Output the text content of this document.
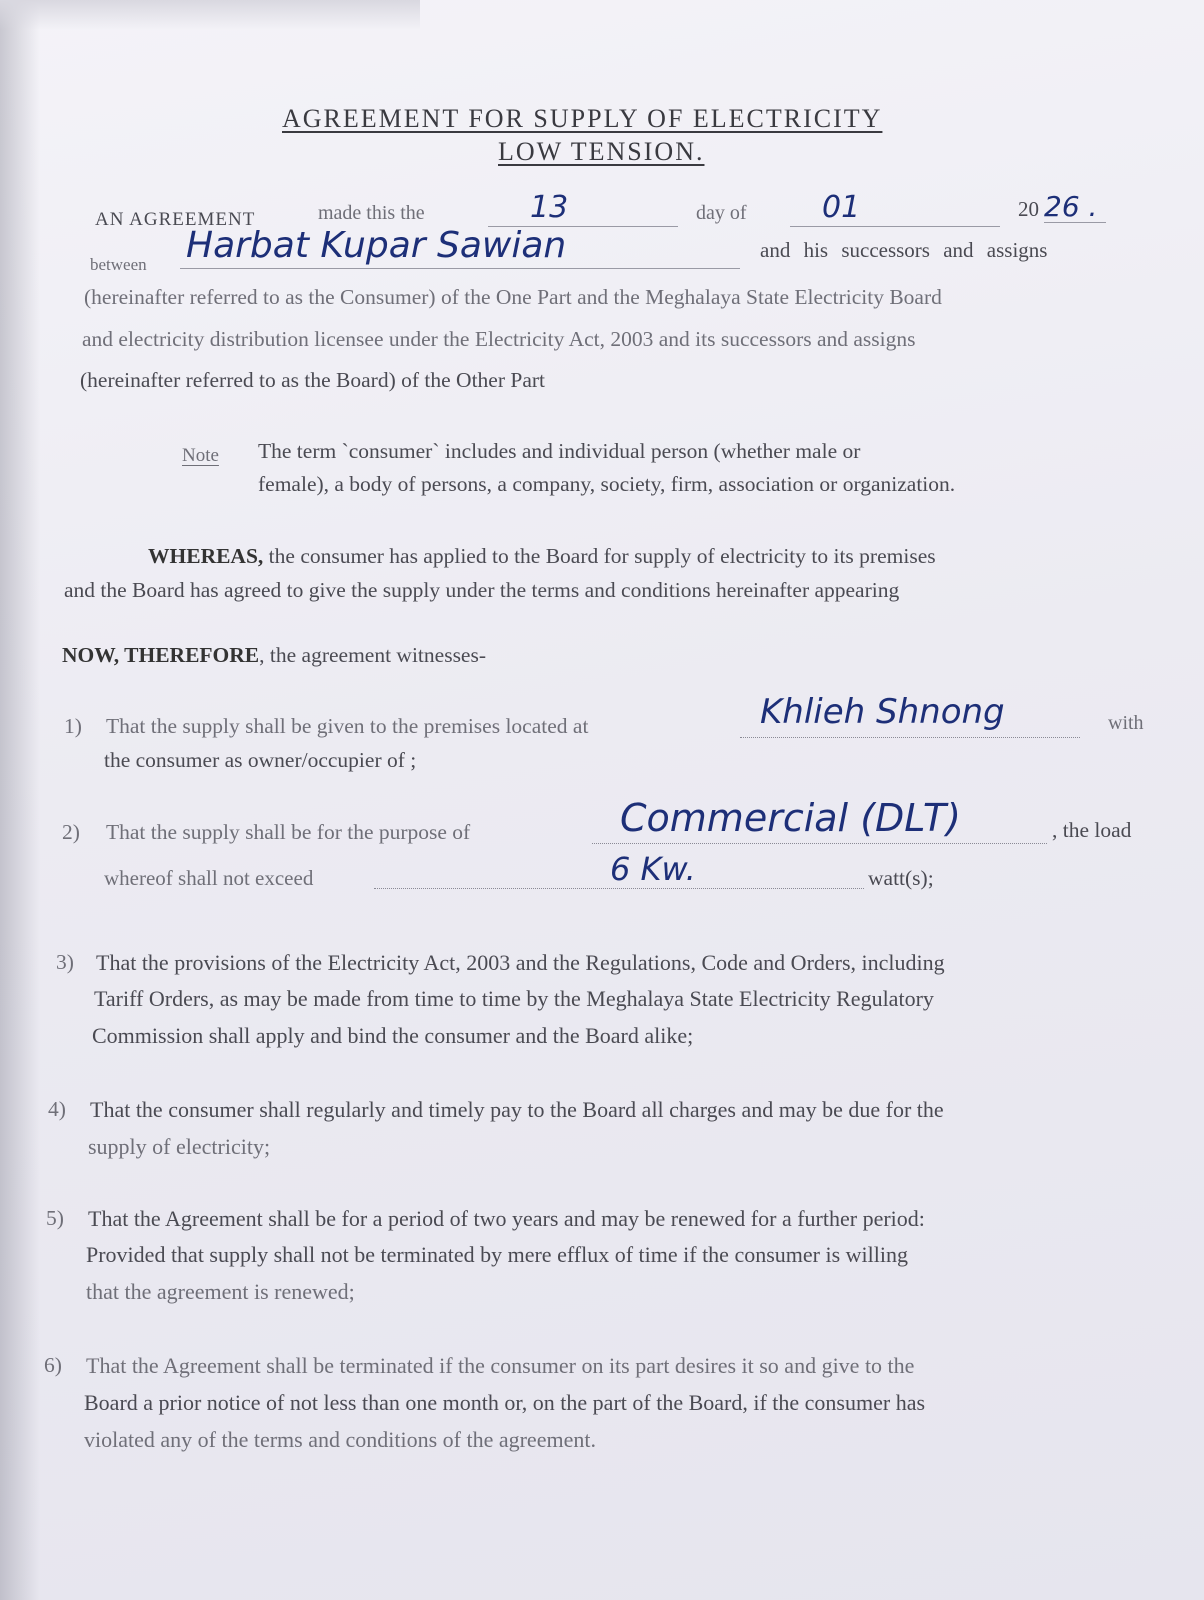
AGREEMENT FOR SUPPLY OF ELECTRICITY
LOW TENSION.
AN AGREEMENT	made this the	13	day of	01	20 26 .
between Harbat Kupar Sawian	and his successors and assigns
(hereinafter referred to as the Consumer) of the One Part and the Meghalaya State Electricity Board
and electricity distribution licensee under the Electricity Act, 2003 and its successors and assigns
(hereinafter referred to as the Board) of the Other Part
Note The term `consumer` includes and individual person (whether male or
female), a body of persons, a company, society, firm, association or organization.
WHEREAS, the consumer has applied to the Board for supply of electricity to its premises
and the Board has agreed to give the supply under the terms and conditions hereinafter appearing
NOW, THEREFORE, the agreement witnesses-
1) That the supply shall be given to the premises located at	Khlieh Shnong	with
the consumer as owner/occupier of ;
2) That the supply shall be for the purpose of	Commercial (DLT)	, the load
whereof shall not exceed	6 Kw.	watt(s);
3) That the provisions of the Electricity Act, 2003 and the Regulations, Code and Orders, including
Tariff Orders, as may be made from time to time by the Meghalaya State Electricity Regulatory
Commission shall apply and bind the consumer and the Board alike;
4) That the consumer shall regularly and timely pay to the Board all charges and may be due for the
supply of electricity;
5) That the Agreement shall be for a period of two years and may be renewed for a further period:
Provided that supply shall not be terminated by mere efflux of time if the consumer is willing
that the agreement is renewed;
6) That the Agreement shall be terminated if the consumer on its part desires it so and give to the
Board a prior notice of not less than one month or, on the part of the Board, if the consumer has
violated any of the terms and conditions of the agreement.
